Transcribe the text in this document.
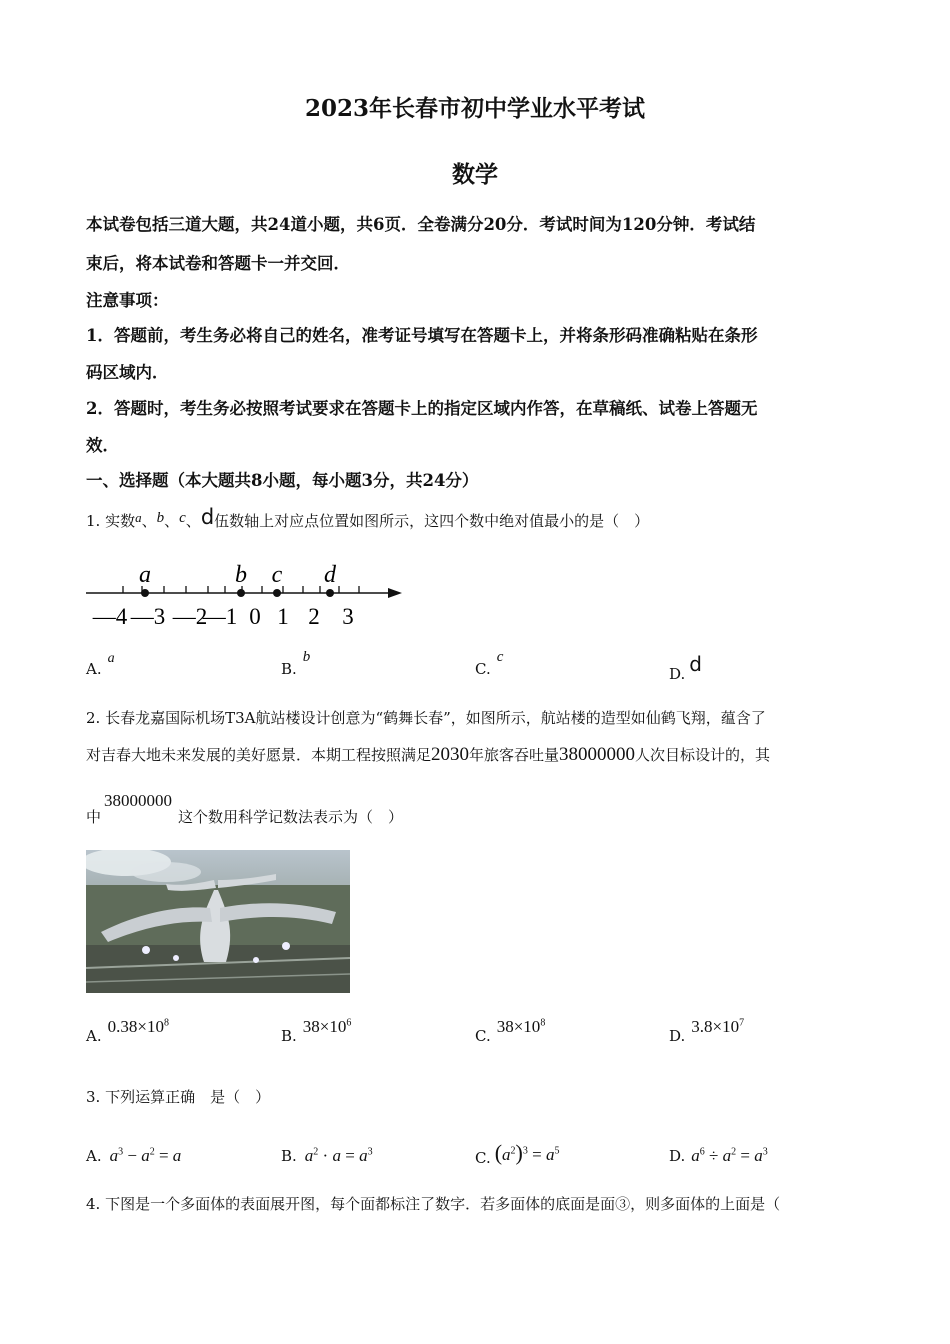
2023年长春市初中学业水平考试
数学
本试卷包括三道大题，共24道小题，共6页．全卷满分20分．考试时间为120分钟．考试结
束后，将本试卷和答题卡一并交回．
注意事项：
1．答题前，考生务必将自己的姓名，准考证号填写在答题卡上，并将条形码准确粘贴在条形
码区域内．
2．答题时，考生务必按照考试要求在答题卡上的指定区域内作答，在草稿纸、试卷上答题无
效．
一、选择题（本大题共8小题，每小题3分，共24分）
1. 实数a、b、c、d伍数轴上对应点位置如图所示，这四个数中绝对值最小的是（　）
—4 —3 —2
—1 0 1 2 3
a	b c d
A.a
B.b
C.c
D. d
2. 长春龙嘉国际机场T3A航站楼设计创意为“鹤舞长春”，如图所示，航站楼的造型如仙鹤飞翔，蕴含了
对吉春大地未来发展的美好愿景．本期工程按照满足2030年旅客吞吐量38000000人次目标设计的，其
中38000000这个数用科学记数法表示为（　）
A. $0.38\times 10^8$
B. $38\times 10^6$
C. $38\times 10^8$
D. $3.8\times 10^7$
3. 下列运算正确　是（　）
A. $a^3 - a^2 = a$	B. $a^2 \cdot a = a^3$	C. $(a^2)^3 = a^5$	D. $a^6 \div a^2 = a^3$
4. 下图是一个多面体的表面展开图，每个面都标注了数字．若多面体的底面是面③，则多面体的上面是（
